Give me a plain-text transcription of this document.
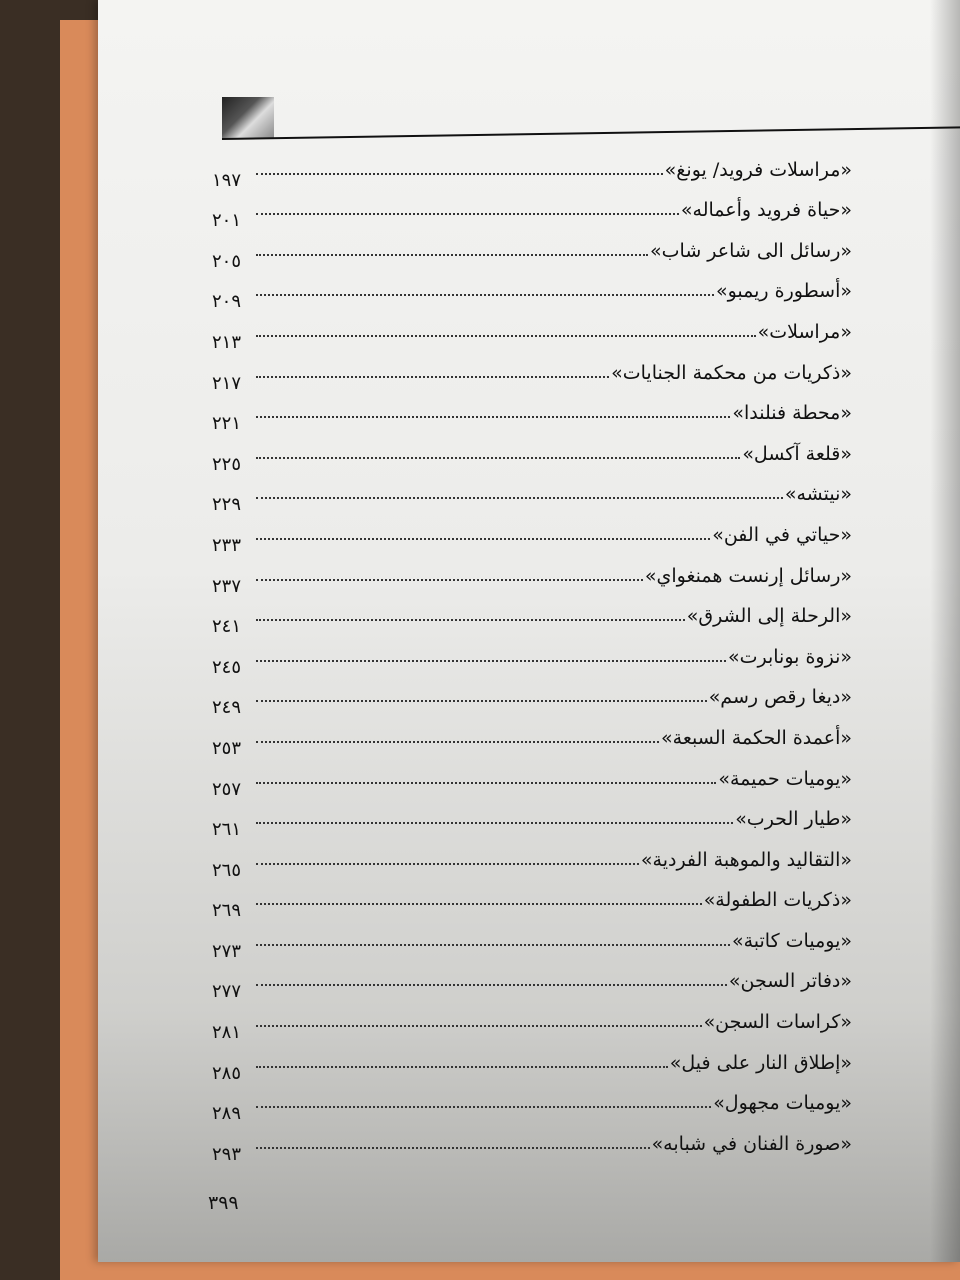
«مراسلات فرويد/ يونغ»
١٩٧
«حياة فرويد وأعماله»
٢٠١
«رسائل الى شاعر شاب»
٢٠٥
«أسطورة ريمبو»
٢٠٩
«مراسلات»
٢١٣
«ذكريات من محكمة الجنايات»
٢١٧
«محطة فنلندا»
٢٢١
«قلعة آكسل»
٢٢٥
«نيتشه»
٢٢٩
«حياتي في الفن»
٢٣٣
«رسائل إرنست همنغواي»
٢٣٧
«الرحلة إلى الشرق»
٢٤١
«نزوة بونابرت»
٢٤٥
«ديغا رقص رسم»
٢٤٩
«أعمدة الحكمة السبعة»
٢٥٣
«يوميات حميمة»
٢٥٧
«طيار الحرب»
٢٦١
«التقاليد والموهبة الفردية»
٢٦٥
«ذكريات الطفولة»
٢٦٩
«يوميات كاتبة»
٢٧٣
«دفاتر السجن»
٢٧٧
«كراسات السجن»
٢٨١
«إطلاق النار على فيل»
٢٨٥
«يوميات مجهول»
٢٨٩
«صورة الفنان في شبابه»
٢٩٣
٣٩٩
